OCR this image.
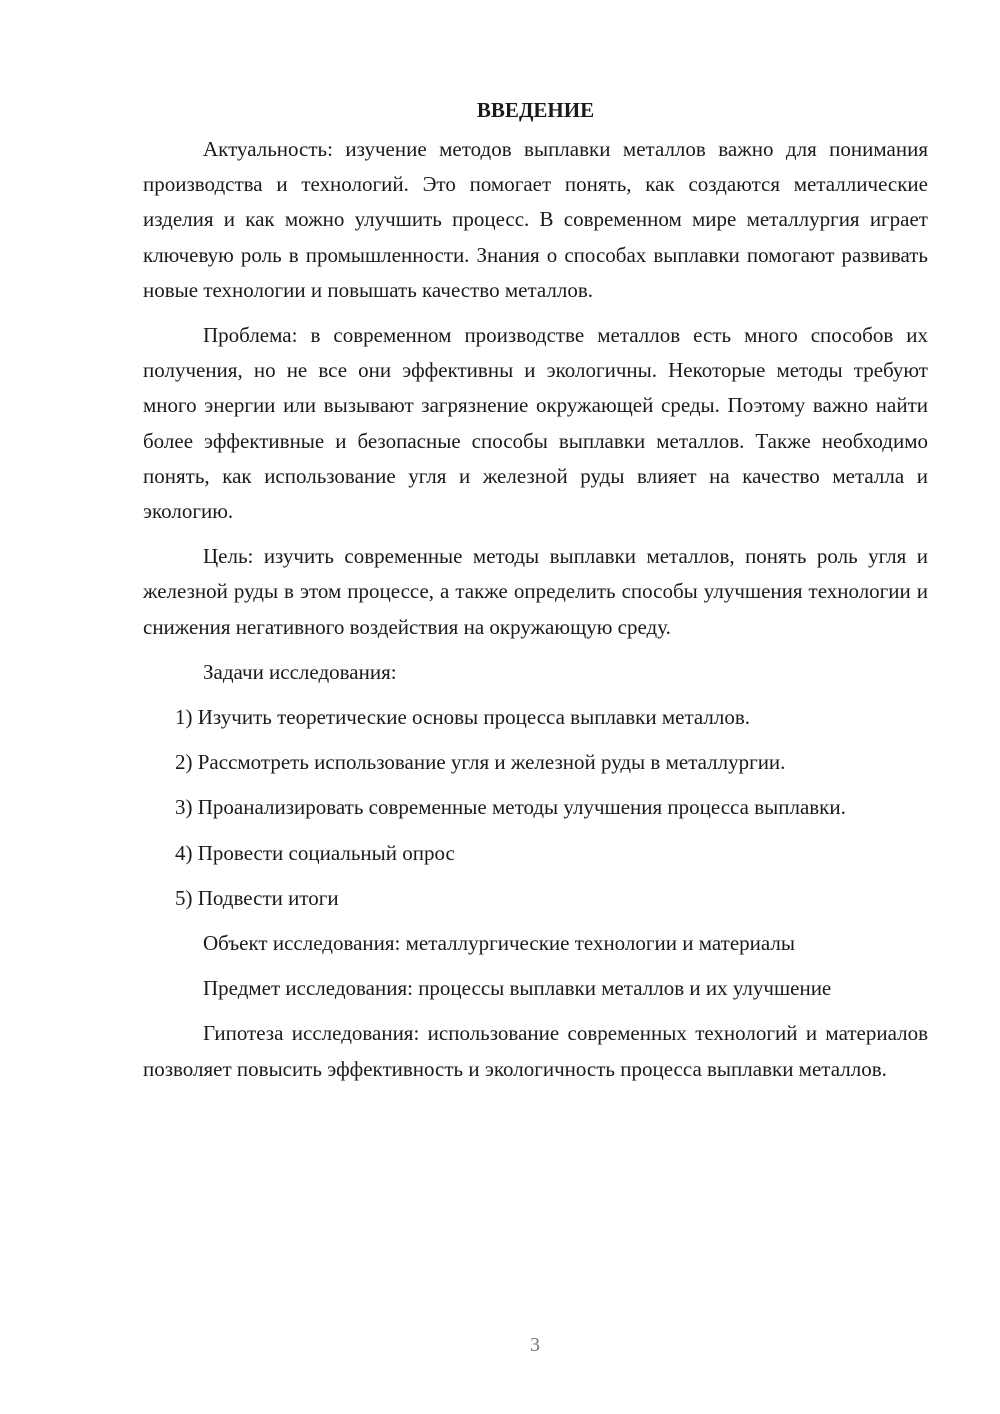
ВВЕДЕНИЕ

Актуальность: изучение методов выплавки металлов важно для понимания производства и технологий. Это помогает понять, как создаются металлические изделия и как можно улучшить процесс. В современном мире металлургия играет ключевую роль в промышленности. Знания о способах выплавки помогают развивать новые технологии и повышать качество металлов.

Проблема: в современном производстве металлов есть много способов их получения, но не все они эффективны и экологичны. Некоторые методы требуют много энергии или вызывают загрязнение окружающей среды. Поэтому важно найти более эффективные и безопасные способы выплавки металлов. Также необходимо понять, как использование угля и железной руды влияет на качество металла и экологию.

Цель: изучить современные методы выплавки металлов, понять роль угля и железной руды в этом процессе, а также определить способы улучшения технологии и снижения негативного воздействия на окружающую среду.

Задачи исследования:

1) Изучить теоретические основы процесса выплавки металлов.

2) Рассмотреть использование угля и железной руды в металлургии.

3) Проанализировать современные методы улучшения процесса выплавки.

4) Провести социальный опрос

5) Подвести итоги

Объект исследования: металлургические технологии и материалы

Предмет исследования: процессы выплавки металлов и их улучшение

Гипотеза исследования: использование современных технологий и материалов позволяет повысить эффективность и экологичность процесса выплавки металлов.

3
